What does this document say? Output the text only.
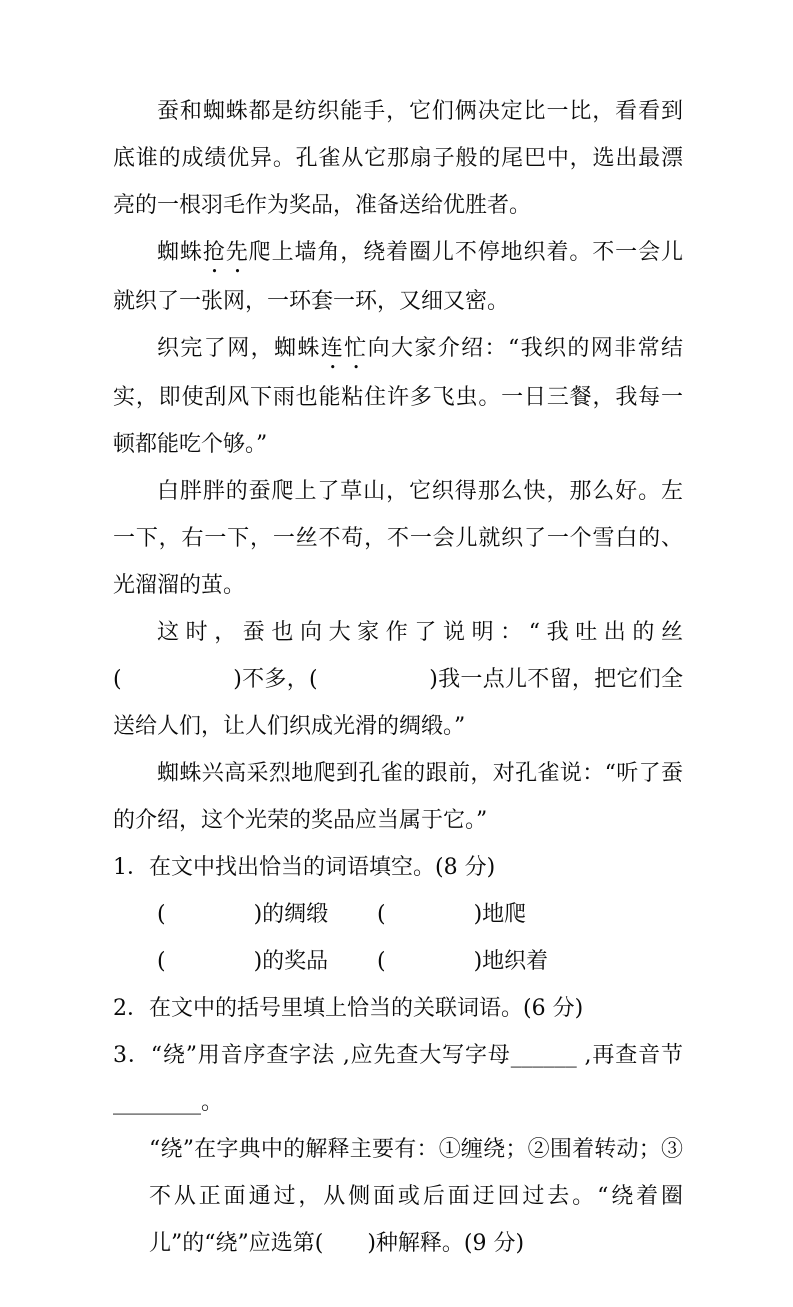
蚕和蜘蛛都是纺织能手，它们俩决定比一比，看看到底谁的成绩优异。孔雀从它那扇子般的尾巴中，选出最漂亮的一根羽毛作为奖品，准备送给优胜者。

蜘蛛抢先爬上墙角，绕着圈儿不停地织着。不一会儿就织了一张网，一环套一环，又细又密。

织完了网，蜘蛛连忙向大家介绍：“我织的网非常结实，即使刮风下雨也能粘住许多飞虫。一日三餐，我每一顿都能吃个够。”

白胖胖的蚕爬上了草山，它织得那么快，那么好。左一下，右一下，一丝不苟，不一会儿就织了一个雪白的、光溜溜的茧。

这时，蚕也向大家作了说明：“我吐出的丝(　　　　　)不多，(　　　　　)我一点儿不留，把它们全送给人们，让人们织成光滑的绸缎。”

蜘蛛兴高采烈地爬到孔雀的跟前，对孔雀说：“听了蚕的介绍，这个光荣的奖品应当属于它。”

1．在文中找出恰当的词语填空。(8 分)
(　　　　)的绸缎 (　　　　)地爬
(　　　　)的奖品 (　　　　)地织着
2．在文中的括号里填上恰当的关联词语。(6 分)
3．“绕”用音序查字法 ,应先查大写字母______ ,再查音节________。
“绕”在字典中的解释主要有：①缠绕；②围着转动；③不从正面通过，从侧面或后面迂回过去。“绕着圈儿”的“绕”应选第(　　)种解释。(9 分)
